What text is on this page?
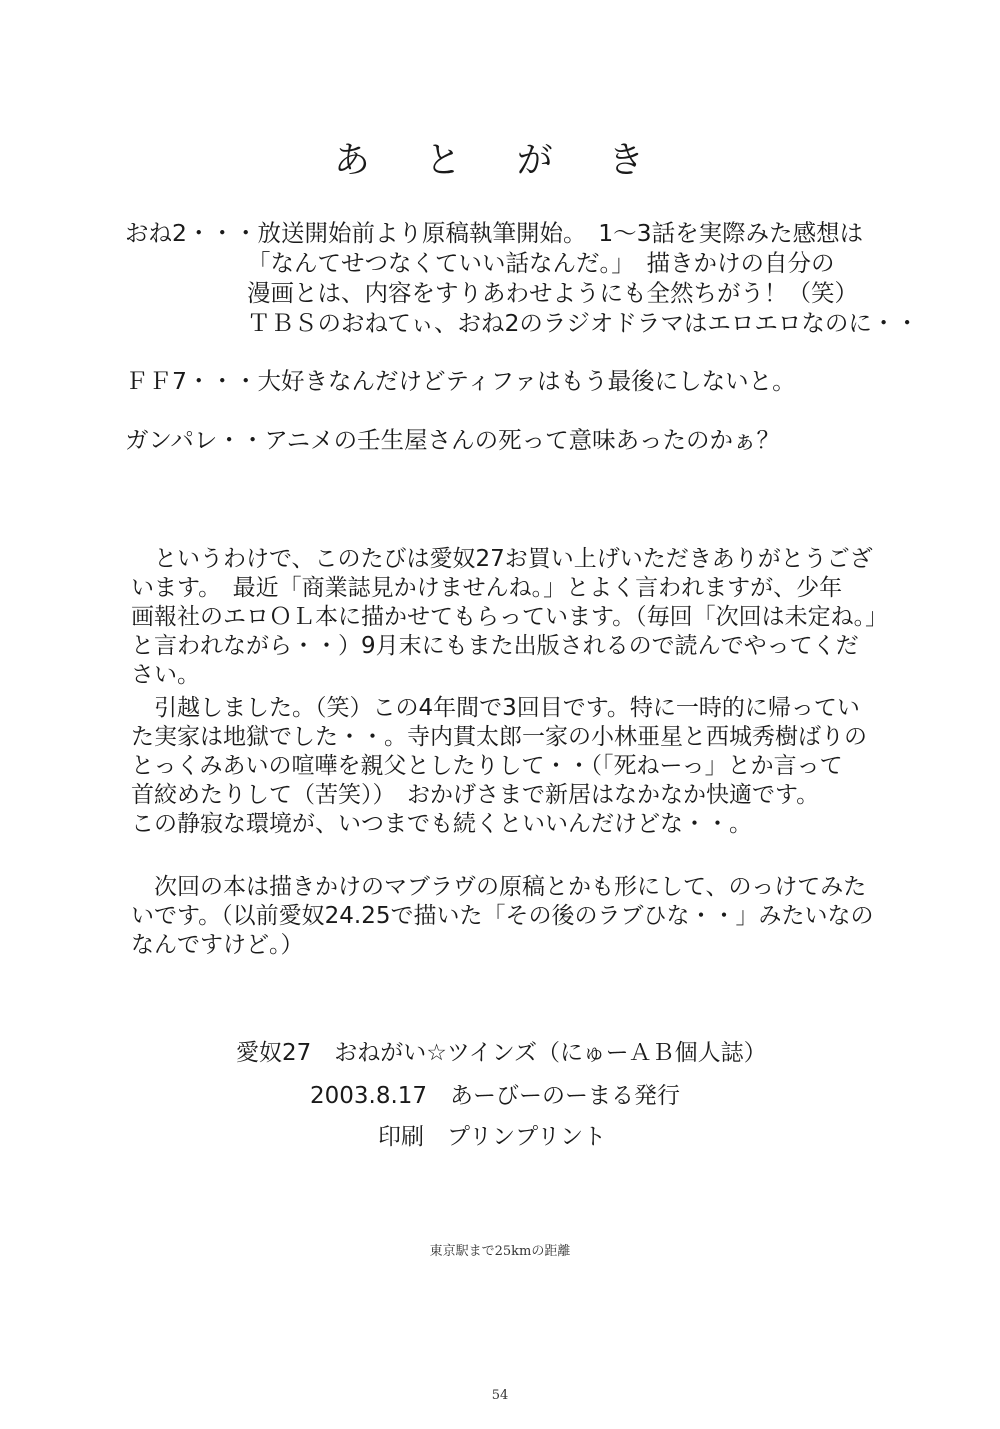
あ と が き
おね2・・・放送開始前より原稿執筆開始。　1〜3話を実際みた感想は
「なんてせつなくていい話なんだ。」　描きかけの自分の
漫画とは、内容をすりあわせようにも全然ちがう！（笑）
ＴＢＳのおねてぃ、おね2のラジオドラマはエロエロなのに・・

ＦＦ7・・・大好きなんだけどティファはもう最後にしないと。

ガンパレ・・アニメの壬生屋さんの死って意味あったのかぁ？

　というわけで、このたびは愛奴27お買い上げいただきありがとうござ
います。　最近「商業誌見かけませんね。」とよく言われますが、少年
画報社のエロＯＬ本に描かせてもらっています。（毎回「次回は未定ね。」
と言われながら・・）9月末にもまた出版されるので読んでやってくだ
さい。
　引越しました。（笑）この4年間で3回目です。特に一時的に帰ってい
た実家は地獄でした・・。寺内貫太郎一家の小林亜星と西城秀樹ばりの
とっくみあいの喧嘩を親父としたりして・・（「死ねーっ」とか言って
首絞めたりして（苦笑））　おかげさまで新居はなかなか快適です。
この静寂な環境が、いつまでも続くといいんだけどな・・。
　次回の本は描きかけのマブラヴの原稿とかも形にして、のっけてみた
いです。（以前愛奴24.25で描いた「その後のラブひな・・」みたいなの
なんですけど。）

愛奴27　おねがい☆ツインズ（にゅーＡＢ個人誌）

2003.8.17　あーびーのーまる発行

印刷　プリンプリント

東京駅まで25kmの距離
54
